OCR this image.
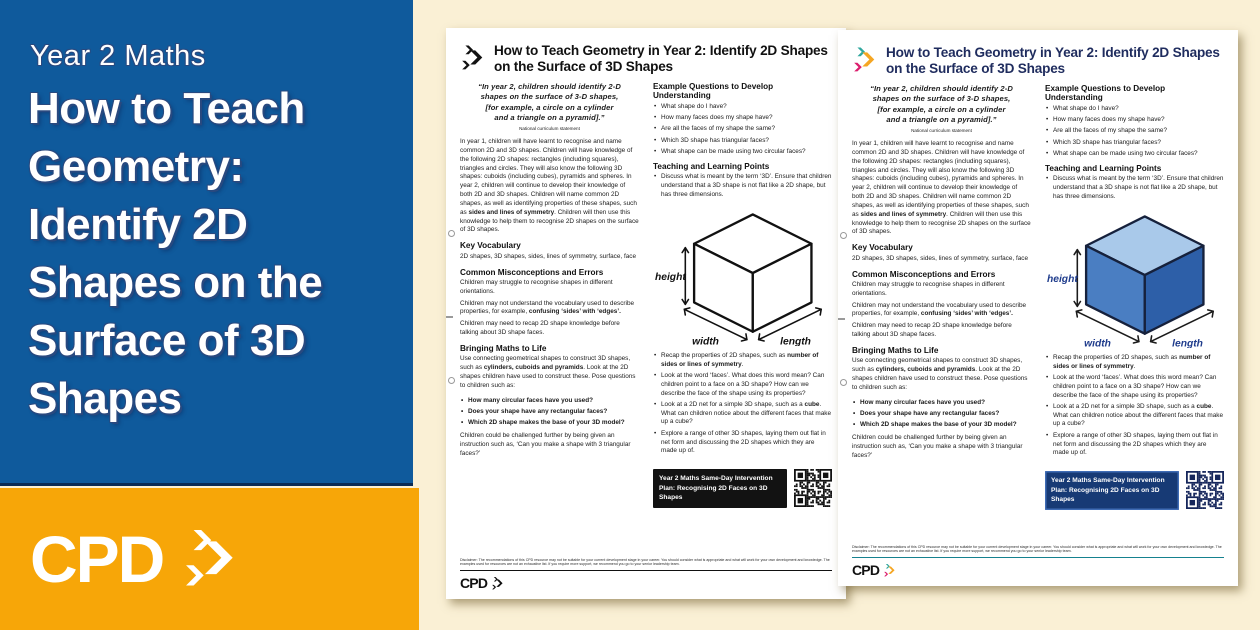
Year 2 Maths
How to Teach Geometry: Identify 2D Shapes on the Surface of 3D Shapes
CPD
How to Teach Geometry in Year 2: Identify 2D Shapes on the Surface of 3D Shapes
“In year 2, children should identify 2-D
shapes on the surface of 3-D shapes,
[for example, a circle on a cylinder
and a triangle on a pyramid].”
National curriculum statement

In year 1, children will have learnt to recognise and name common 2D and 3D shapes. Children will have knowledge of the following 2D shapes: rectangles (including squares), triangles and circles. They will also know the following 3D shapes: cuboids (including cubes), pyramids and spheres. In year 2, children will continue to develop their knowledge of both 2D and 3D shapes. Children will name common 2D shapes, as well as identifying properties of these shapes, such as sides and lines of symmetry. Children will then use this knowledge to help them to recognise 2D shapes on the surface of 3D shapes.

Key Vocabulary

2D shapes, 3D shapes, sides, lines of symmetry, surface, face

Common Misconceptions and Errors

Children may struggle to recognise shapes in different orientations.

Children may not understand the vocabulary used to describe properties, for example, confusing ‘sides’ with ‘edges’.

Children may need to recap 2D shape knowledge before talking about 3D shape faces.

Bringing Maths to Life

Use connecting geometrical shapes to construct 3D shapes, such as cylinders, cuboids and pyramids. Look at the 2D shapes children have used to construct these. Pose questions to children such as:

• How many circular faces have you used?
• Does your shape have any rectangular faces?
• Which 2D shape makes the base of your 3D model?

Children could be challenged further by being given an instruction such as, ‘Can you make a shape with 3 triangular faces?’

Example Questions to Develop Understanding
• What shape do I have?
• How many faces does my shape have?
• Are all the faces of my shape the same?
• Which 3D shape has triangular faces?
• What shape can be made using two circular faces?
Teaching and Learning Points
• Discuss what is meant by the term ‘3D’. Ensure that children understand that a 3D shape is not flat like a 2D shape, but has three dimensions.
height
width	length
• Recap the properties of 2D shapes, such as number of sides or lines of symmetry.
• Look at the word ‘faces’. What does this word mean? Can children point to a face on a 3D shape? How can we describe the face of the shape using its properties?
• Look at a 2D net for a simple 3D shape, such as a cube. What can children notice about the different faces that make up a cube?
• Explore a range of other 3D shapes, laying them out flat in net form and discussing the 2D shapes which they are made up of.
Year 2 Maths Same-Day Intervention Plan: Recognising 2D Faces on 3D Shapes
Disclaimer: The recommendations of this CPD resource may not be suitable for your current development stage in your career. You should consider what is appropriate and what will work for your own development and knowledge. The examples used for resources are not an exhaustive list. If you require more support, we recommend you go to your senior leadership team.
CPD
How to Teach Geometry in Year 2: Identify 2D Shapes on the Surface of 3D Shapes
“In year 2, children should identify 2-D
shapes on the surface of 3-D shapes,
[for example, a circle on a cylinder
and a triangle on a pyramid].”
National curriculum statement

In year 1, children will have learnt to recognise and name common 2D and 3D shapes. Children will have knowledge of the following 2D shapes: rectangles (including squares), triangles and circles. They will also know the following 3D shapes: cuboids (including cubes), pyramids and spheres. In year 2, children will continue to develop their knowledge of both 2D and 3D shapes. Children will name common 2D shapes, as well as identifying properties of these shapes, such as sides and lines of symmetry. Children will then use this knowledge to help them to recognise 2D shapes on the surface of 3D shapes.

Key Vocabulary

2D shapes, 3D shapes, sides, lines of symmetry, surface, face

Common Misconceptions and Errors

Children may struggle to recognise shapes in different orientations.

Children may not understand the vocabulary used to describe properties, for example, confusing ‘sides’ with ‘edges’.

Children may need to recap 2D shape knowledge before talking about 3D shape faces.

Bringing Maths to Life

Use connecting geometrical shapes to construct 3D shapes, such as cylinders, cuboids and pyramids. Look at the 2D shapes children have used to construct these. Pose questions to children such as:

• How many circular faces have you used?
• Does your shape have any rectangular faces?
• Which 2D shape makes the base of your 3D model?

Children could be challenged further by being given an instruction such as, ‘Can you make a shape with 3 triangular faces?’

Example Questions to Develop Understanding
• What shape do I have?
• How many faces does my shape have?
• Are all the faces of my shape the same?
• Which 3D shape has triangular faces?
• What shape can be made using two circular faces?
Teaching and Learning Points
• Discuss what is meant by the term ‘3D’. Ensure that children understand that a 3D shape is not flat like a 2D shape, but has three dimensions.
height
width	length
• Recap the properties of 2D shapes, such as number of sides or lines of symmetry.
• Look at the word ‘faces’. What does this word mean? Can children point to a face on a 3D shape? How can we describe the face of the shape using its properties?
• Look at a 2D net for a simple 3D shape, such as a cube. What can children notice about the different faces that make up a cube?
• Explore a range of other 3D shapes, laying them out flat in net form and discussing the 2D shapes which they are made up of.
Year 2 Maths Same-Day Intervention Plan: Recognising 2D Faces on 3D Shapes
Disclaimer: The recommendations of this CPD resource may not be suitable for your current development stage in your career. You should consider what is appropriate and what will work for your own development and knowledge. The examples used for resources are not an exhaustive list. If you require more support, we recommend you go to your senior leadership team.
CPD
